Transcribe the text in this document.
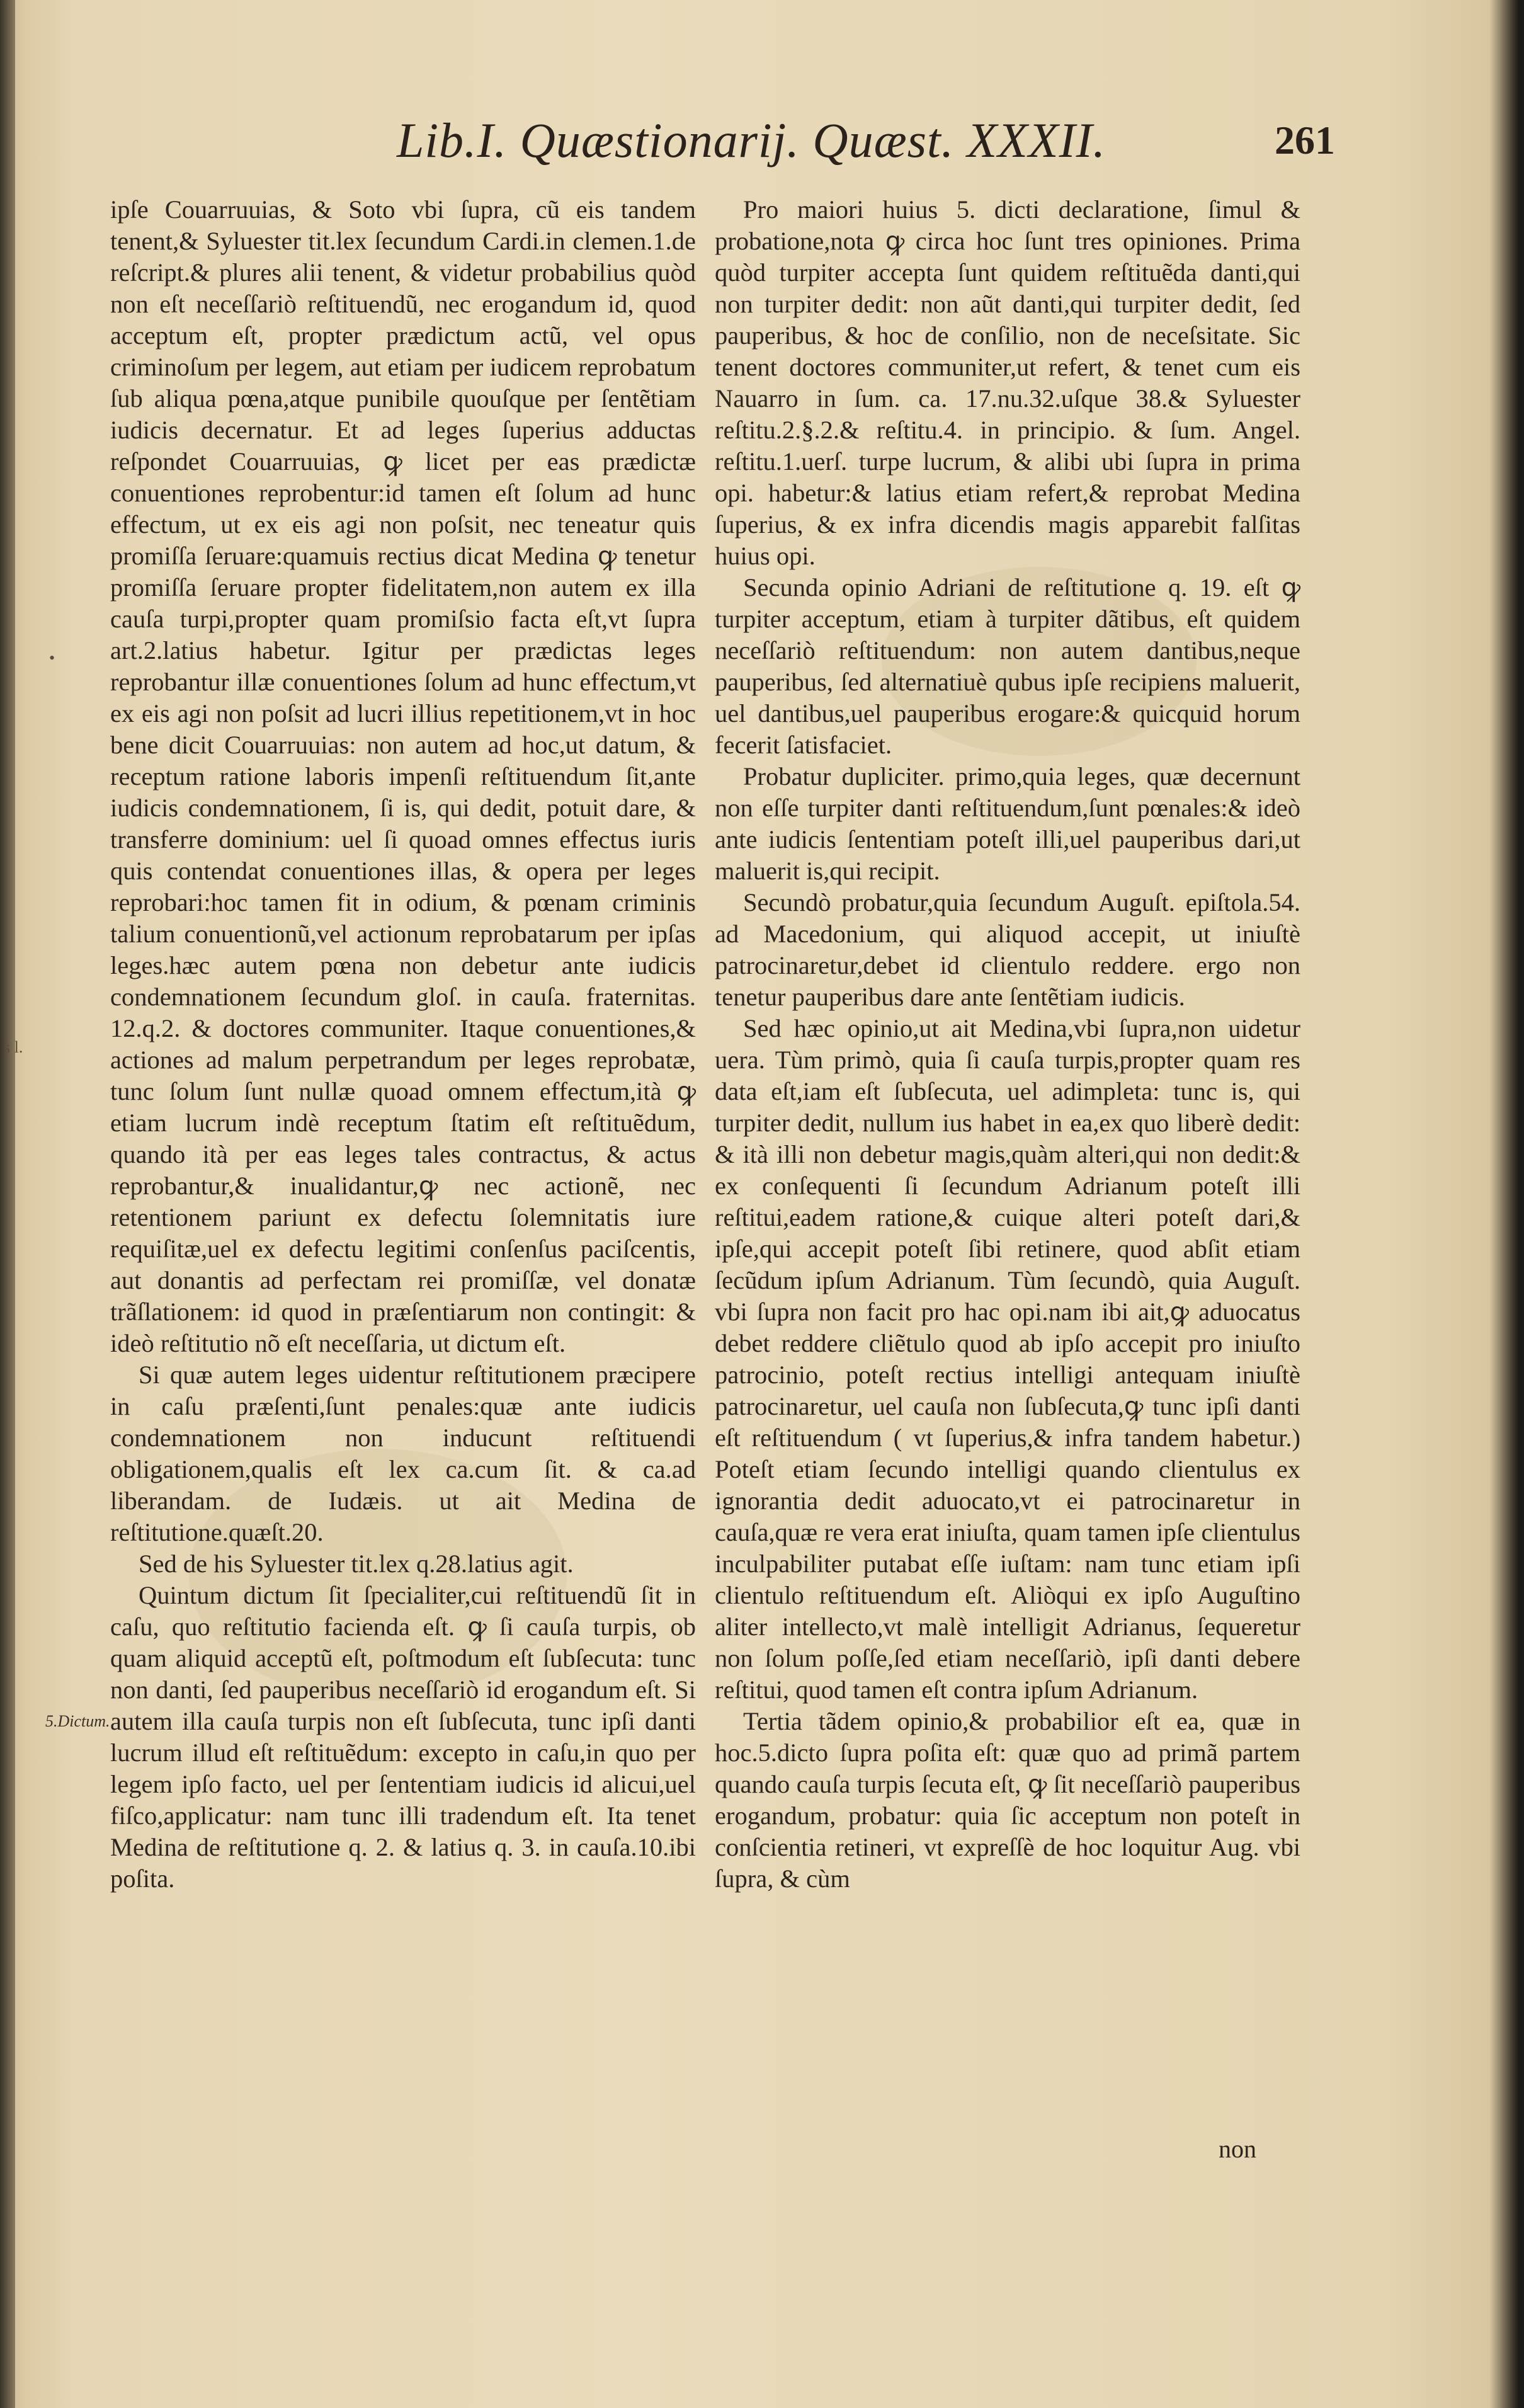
Lib.I. Quæstionarij. Quæst. XXXII.	261

ipſe Couarruuias, & Soto vbi ſupra, cũ eis tandem tenent,& Syluester tit.lex ſecundum Cardi.in clemen.1.de reſcript.& plures alii tenent, & videtur probabilius quòd non eſt neceſſariò reſtituendũ, nec erogandum id, quod acceptum eſt, propter prædictum actũ, vel opus criminoſum per legem, aut etiam per iudicem reprobatum ſub aliqua pœna,atque punibile quouſque per ſentẽtiam iudicis decernatur. Et ad leges ſuperius adductas reſpondet Couarruuias, ꝙ licet per eas prædictæ conuentiones reprobentur:id tamen eſt ſolum ad hunc effectum, ut ex eis agi non poſsit, nec teneatur quis promiſſa ſeruare:quamuis rectius dicat Medina ꝙ tenetur promiſſa ſeruare propter fidelitatem,non autem ex illa cauſa turpi,propter quam promiſsio facta eſt,vt ſupra art.2.latius habetur. Igitur per prædictas leges reprobantur illæ conuentiones ſolum ad hunc effectum,vt ex eis agi non poſsit ad lucri illius repetitionem,vt in hoc bene dicit Couarruuias: non autem ad hoc,ut datum, & receptum ratione laboris impenſi reſtituendum ſit,ante iudicis condemnationem, ſi is, qui dedit, potuit dare, & transferre dominium: uel ſi quoad omnes effectus iuris quis contendat conuentiones illas, & opera per leges reprobari:hoc tamen fit in odium, & pœnam criminis talium conuentionũ,vel actionum reprobatarum per ipſas leges.hæc autem pœna non debetur ante iudicis condemnationem ſecundum gloſ. in cauſa. fraternitas. 12.q.2. & doctores communiter. Itaque conuentiones,& actiones ad malum perpetrandum per leges reprobatæ, tunc ſolum ſunt nullæ quoad omnem effectum,ità ꝙ etiam lucrum indè receptum ſtatim eſt reſtituẽdum, quando ità per eas leges tales contractus, & actus reprobantur,& inualidantur,ꝙ nec actionẽ, nec retentionem pariunt ex defectu ſolemnitatis iure requiſitæ,uel ex defectu legitimi conſenſus paciſcentis, aut donantis ad perfectam rei promiſſæ, vel donatæ trãſlationem: id quod in præſentiarum non contingit: & ideò reſtitutio nõ eſt neceſſaria, ut dictum eſt.

Si quæ autem leges uidentur reſtitutionem præcipere in caſu præſenti,ſunt penales:quæ ante iudicis condemnationem non inducunt reſtituendi obligationem,qualis eſt lex ca.cum ſit. & ca.ad liberandam. de Iudæis. ut ait Medina de reſtitutione.quæſt.20.

Sed de his Syluester tit.lex q.28.latius agit.

Quintum dictum ſit ſpecialiter,cui reſtituendũ ſit in caſu, quo reſtitutio facienda eſt. ꝙ ſi cauſa turpis, ob quam aliquid acceptũ eſt, poſtmodum eſt ſubſecuta: tunc non danti, ſed pauperibus neceſſariò id erogandum eſt. Si autem illa cauſa turpis non eſt ſubſecuta, tunc ipſi danti lucrum illud eſt reſtituẽdum: excepto in caſu,in quo per legem ipſo facto, uel per ſententiam iudicis id alicui,uel fiſco,applicatur: nam tunc illi tradendum eſt. Ita tenet Medina de reſtitutione q. 2. & latius q. 3. in cauſa.10.ibi poſita.

Pro maiori huius 5. dicti declaratione, ſimul & probatione,nota ꝙ circa hoc ſunt tres opiniones. Prima quòd turpiter accepta ſunt quidem reſtituẽda danti,qui non turpiter dedit: non aũt danti,qui turpiter dedit, ſed pauperibus, & hoc de conſilio, non de neceſsitate. Sic tenent doctores communiter,ut refert, & tenet cum eis Nauarro in ſum. ca. 17.nu.32.uſque 38.& Syluester reſtitu.2.§.2.& reſtitu.4. in principio. & ſum. Angel. reſtitu.1.uerſ. turpe lucrum, & alibi ubi ſupra in prima opi. habetur:& latius etiam refert,& reprobat Medina ſuperius, & ex infra dicendis magis apparebit falſitas huius opi.

Secunda opinio Adriani de reſtitutione q. 19. eſt ꝙ turpiter acceptum, etiam à turpiter dãtibus, eſt quidem neceſſariò reſtituendum: non autem dantibus,neque pauperibus, ſed alternatiuè qubus ipſe recipiens maluerit, uel dantibus,uel pauperibus erogare:& quicquid horum fecerit ſatisfaciet.

Probatur dupliciter. primo,quia leges, quæ decernunt non eſſe turpiter danti reſtituendum,ſunt pœnales:& ideò ante iudicis ſententiam poteſt illi,uel pauperibus dari,ut maluerit is,qui recipit.

Secundò probatur,quia ſecundum Auguſt. epiſtola.54. ad Macedonium, qui aliquod accepit, ut iniuſtè patrocinaretur,debet id clientulo reddere. ergo non tenetur pauperibus dare ante ſentẽtiam iudicis.

Sed hæc opinio,ut ait Medina,vbi ſupra,non uidetur uera. Tùm primò, quia ſi cauſa turpis,propter quam res data eſt,iam eſt ſubſecuta, uel adimpleta: tunc is, qui turpiter dedit, nullum ius habet in ea,ex quo liberè dedit: & ità illi non debetur magis,quàm alteri,qui non dedit:& ex conſequenti ſi ſecundum Adrianum poteſt illi reſtitui,eadem ratione,& cuique alteri poteſt dari,& ipſe,qui accepit poteſt ſibi retinere, quod abſit etiam ſecũdum ipſum Adrianum. Tùm ſecundò, quia Auguſt. vbi ſupra non facit pro hac opi.nam ibi ait,ꝙ aduocatus debet reddere cliẽtulo quod ab ipſo accepit pro iniuſto patrocinio, poteſt rectius intelligi antequam iniuſtè patrocinaretur, uel cauſa non ſubſecuta,ꝙ tunc ipſi danti eſt reſtituendum ( vt ſuperius,& infra tandem habetur.) Poteſt etiam ſecundo intelligi quando clientulus ex ignorantia dedit aduocato,vt ei patrocinaretur in cauſa,quæ re vera erat iniuſta, quam tamen ipſe clientulus inculpabiliter putabat eſſe iuſtam: nam tunc etiam ipſi clientulo reſtituendum eſt. Aliòqui ex ipſo Auguſtino aliter intellecto,vt malè intelligit Adrianus, ſequeretur non ſolum poſſe,ſed etiam neceſſariò, ipſi danti debere reſtitui, quod tamen eſt contra ipſum Adrianum.

Tertia tãdem opinio,& probabilior eſt ea, quæ in hoc.5.dicto ſupra poſita eſt: quæ quo ad primã partem quando cauſa turpis ſecuta eſt, ꝙ ſit neceſſariò pauperibus erogandum, probatur: quia ſic acceptum non poteſt in conſcientia retineri, vt expreſſè de hoc loquitur Aug. vbi ſupra, & cùm

5.Dictum.
s l.
•
non
